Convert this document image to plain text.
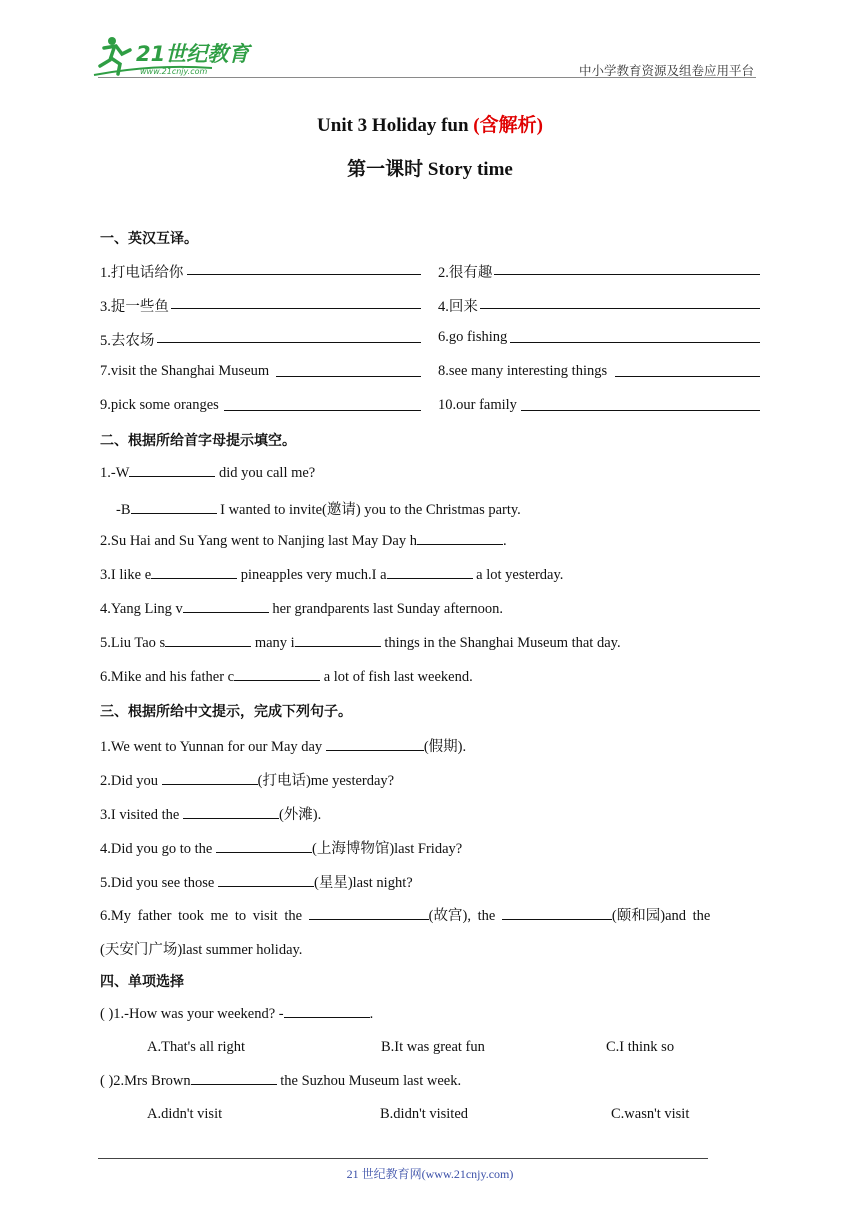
21世纪教育
www.21cnjy.com	中小学教育资源及组卷应用平台
Unit 3 Holiday fun (含解析)
第一课时 Story time
一、英汉互译。
1.打电话给你	2.很有趣
3.捉一些鱼	4.回来
5.去农场	6.go fishing
7.visit the Shanghai Museum	8.see many interesting things
9.pick some oranges	10.our family
二、根据所给首字母提示填空。
1.-W	did you call me?
-B	I wanted to invite(邀请) you to the Christmas party.
2.Su Hai and Su Yang went to Nanjing last May Day h	.
3.I like e	pineapples very much.I a	a lot yesterday.
4.Yang Ling v	her grandparents last Sunday afternoon.
5.Liu Tao s	many i	things in the Shanghai Museum that day.
6.Mike and his father c	a lot of fish last weekend.
三、根据所给中文提示，完成下列句子。
1.We went to Yunnan for our May day	(假期).
2.Did you	(打电话)me yesterday?
3.I visited the	(外滩).
4.Did you go to the	(上海博物馆)last Friday?
5.Did you see those	(星星)last night?
6.My father took me to visit the	(故宫), the	(颐和园)and the
(天安门广场)last summer holiday.
四、单项选择
( )1.-How was your weekend? -	.
A.That's all right	B.It was great fun	C.I think so
( )2.Mrs Brown	the Suzhou Museum last week.
A.didn't visit	B.didn't visited	C.wasn't visit
21 世纪教育网(www.21cnjy.com)
